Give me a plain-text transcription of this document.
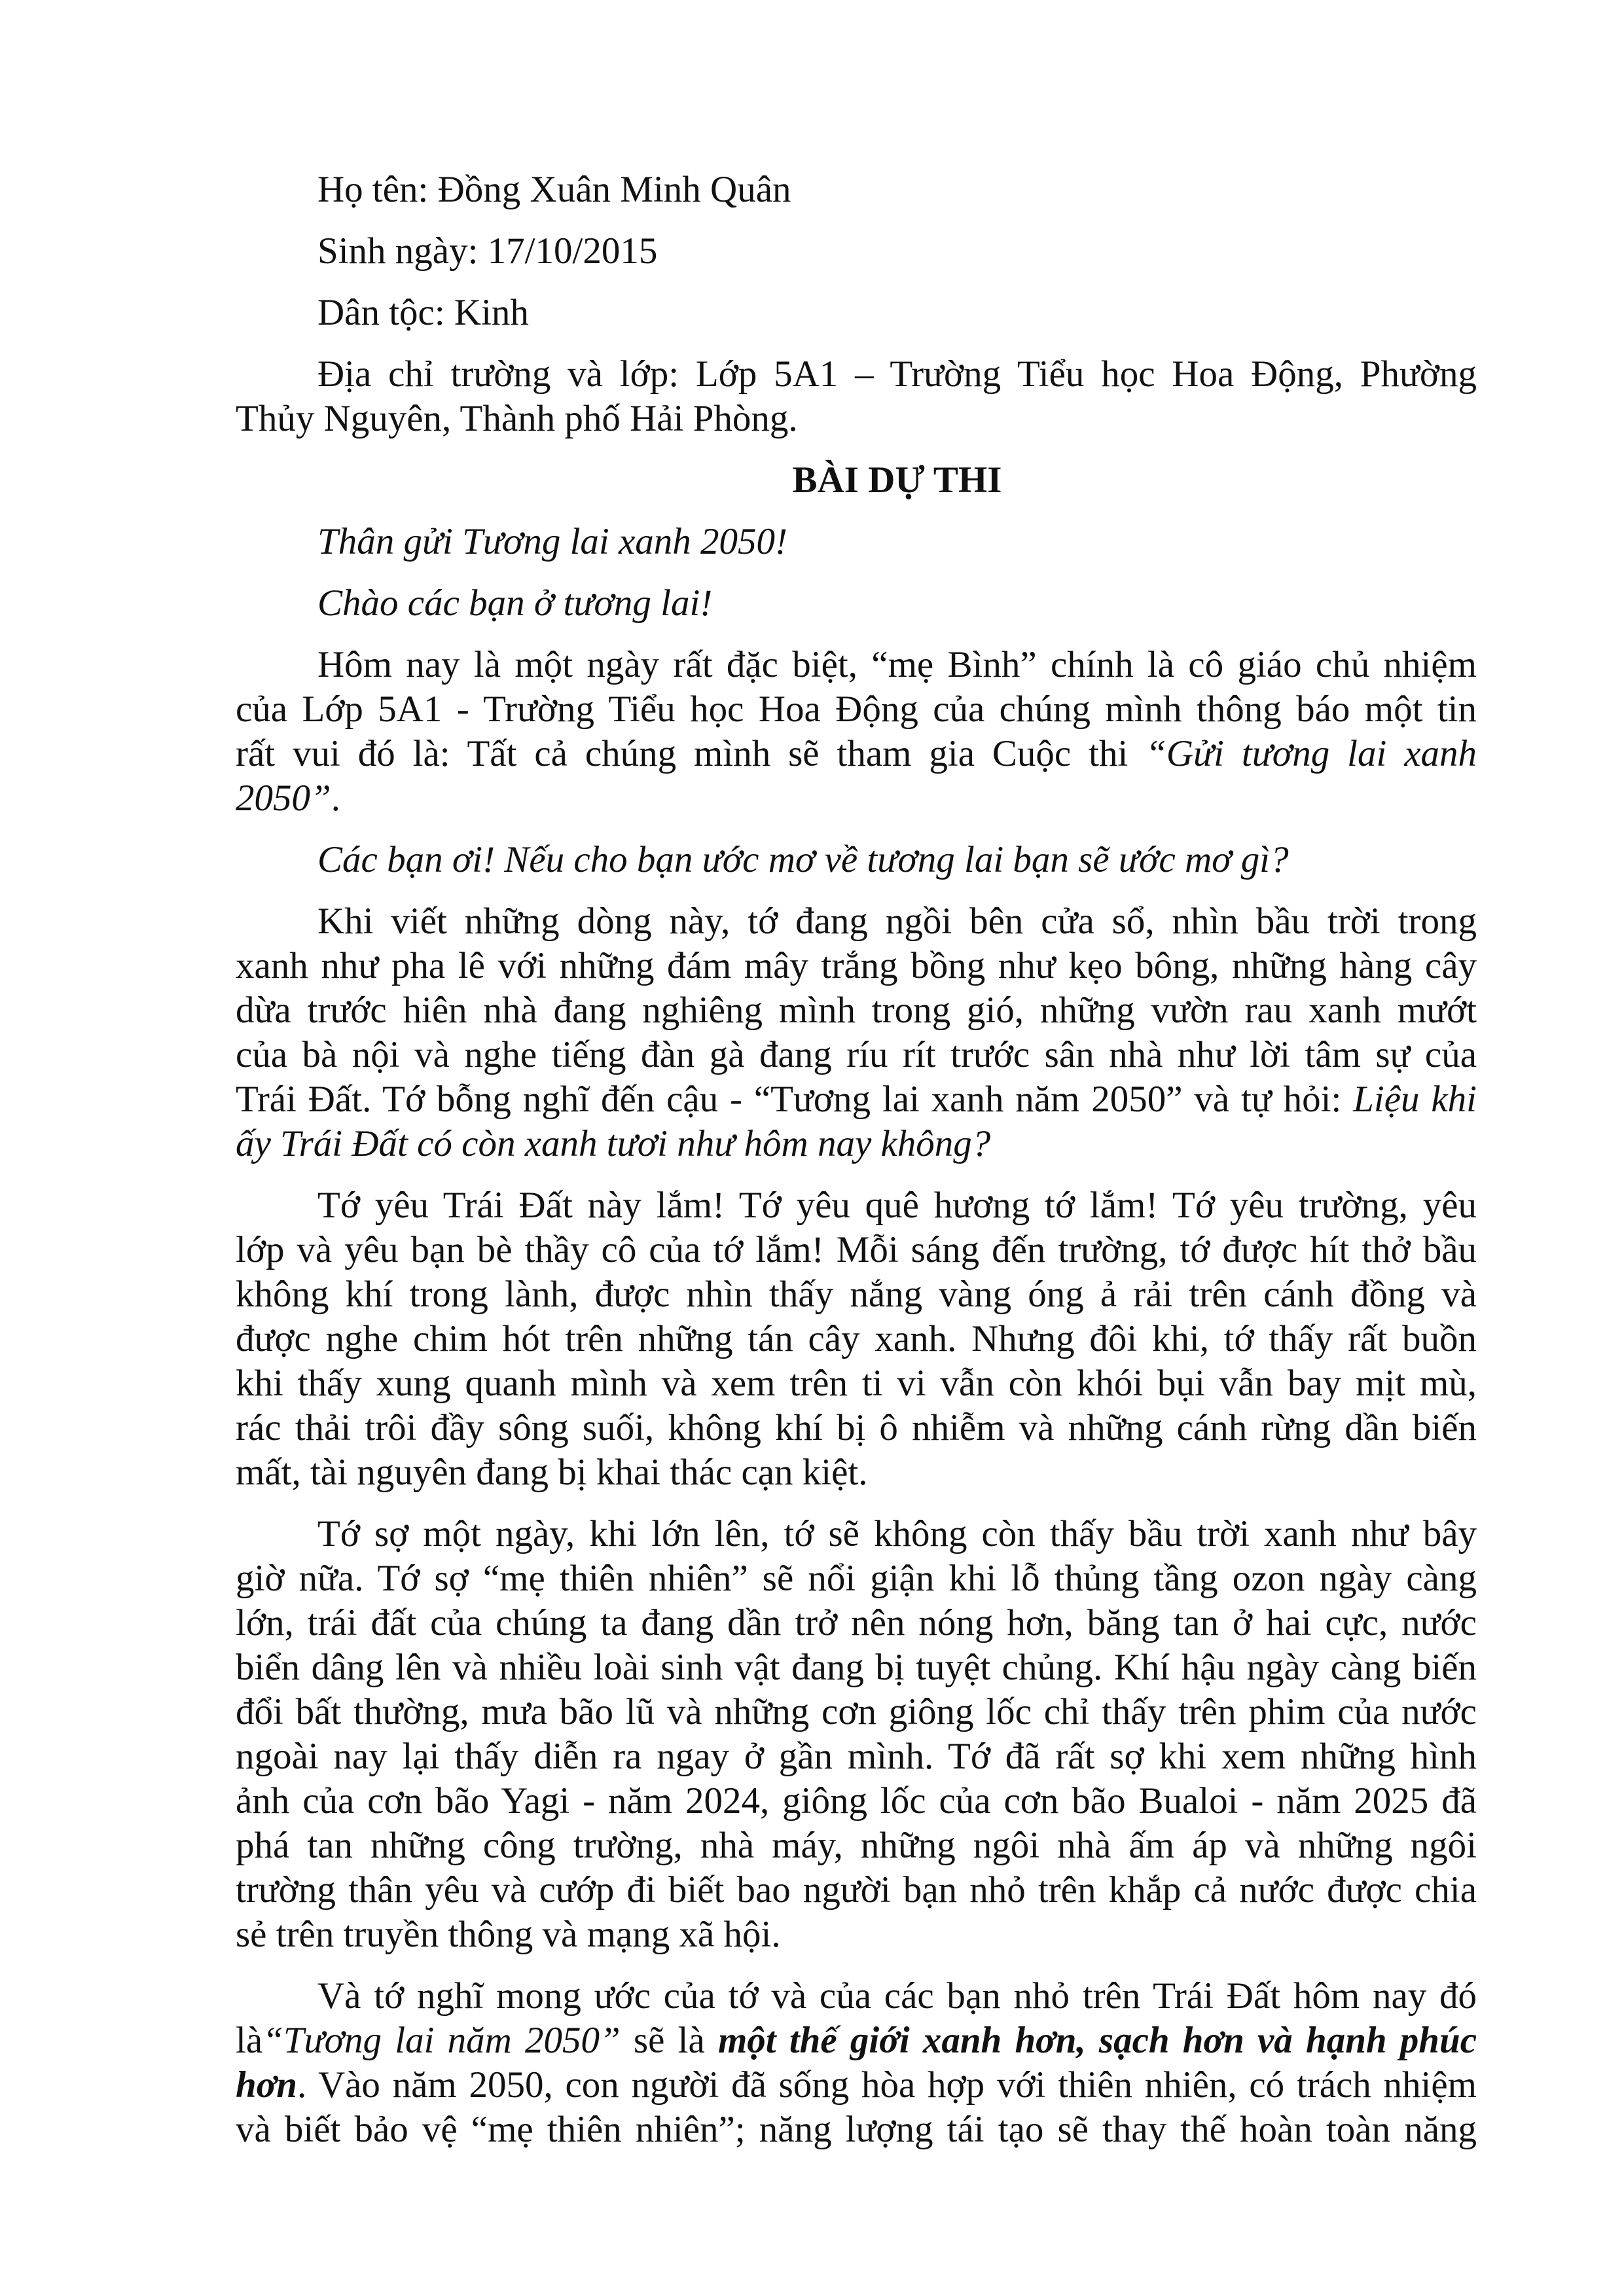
Họ tên: Đồng Xuân Minh Quân
Sinh ngày: 17/10/2015
Dân tộc: Kinh
Địa chỉ trường và lớp: Lớp 5A1 – Trường Tiểu học Hoa Động, Phường
Thủy Nguyên, Thành phố Hải Phòng.
BÀI DỰ THI
Thân gửi Tương lai xanh 2050!
Chào các bạn ở tương lai!
Hôm nay là một ngày rất đặc biệt, “mẹ Bình” chính là cô giáo chủ nhiệm
của Lớp 5A1 - Trường Tiểu học Hoa Động của chúng mình thông báo một tin
rất vui đó là: Tất cả chúng mình sẽ tham gia Cuộc thi “Gửi tương lai xanh
2050”.
Các bạn ơi! Nếu cho bạn ước mơ về tương lai bạn sẽ ước mơ gì?
Khi viết những dòng này, tớ đang ngồi bên cửa sổ, nhìn bầu trời trong
xanh như pha lê với những đám mây trắng bồng như kẹo bông, những hàng cây
dừa trước hiên nhà đang nghiêng mình trong gió, những vườn rau xanh mướt
của bà nội và nghe tiếng đàn gà đang ríu rít trước sân nhà như lời tâm sự của
Trái Đất. Tớ bỗng nghĩ đến cậu - “Tương lai xanh năm 2050” và tự hỏi: Liệu khi
ấy Trái Đất có còn xanh tươi như hôm nay không?
Tớ yêu Trái Đất này lắm! Tớ yêu quê hương tớ lắm! Tớ yêu trường, yêu
lớp và yêu bạn bè thầy cô của tớ lắm! Mỗi sáng đến trường, tớ được hít thở bầu
không khí trong lành, được nhìn thấy nắng vàng óng ả rải trên cánh đồng và
được nghe chim hót trên những tán cây xanh. Nhưng đôi khi, tớ thấy rất buồn
khi thấy xung quanh mình và xem trên ti vi vẫn còn khói bụi vẫn bay mịt mù,
rác thải trôi đầy sông suối, không khí bị ô nhiễm và những cánh rừng dần biến
mất, tài nguyên đang bị khai thác cạn kiệt.
Tớ sợ một ngày, khi lớn lên, tớ sẽ không còn thấy bầu trời xanh như bây
giờ nữa. Tớ sợ “mẹ thiên nhiên” sẽ nổi giận khi lỗ thủng tầng ozon ngày càng
lớn, trái đất của chúng ta đang dần trở nên nóng hơn, băng tan ở hai cực, nước
biển dâng lên và nhiều loài sinh vật đang bị tuyệt chủng. Khí hậu ngày càng biến
đổi bất thường, mưa bão lũ và những cơn giông lốc chỉ thấy trên phim của nước
ngoài nay lại thấy diễn ra ngay ở gần mình. Tớ đã rất sợ khi xem những hình
ảnh của cơn bão Yagi - năm 2024, giông lốc của cơn bão Bualoi - năm 2025 đã
phá tan những công trường, nhà máy, những ngôi nhà ấm áp và những ngôi
trường thân yêu và cướp đi biết bao người bạn nhỏ trên khắp cả nước được chia
sẻ trên truyền thông và mạng xã hội.
Và tớ nghĩ mong ước của tớ và của các bạn nhỏ trên Trái Đất hôm nay đó
là“Tương lai năm 2050” sẽ là một thế giới xanh hơn, sạch hơn và hạnh phúc
hơn. Vào năm 2050, con người đã sống hòa hợp với thiên nhiên, có trách nhiệm
và biết bảo vệ “mẹ thiên nhiên”; năng lượng tái tạo sẽ thay thế hoàn toàn năng
